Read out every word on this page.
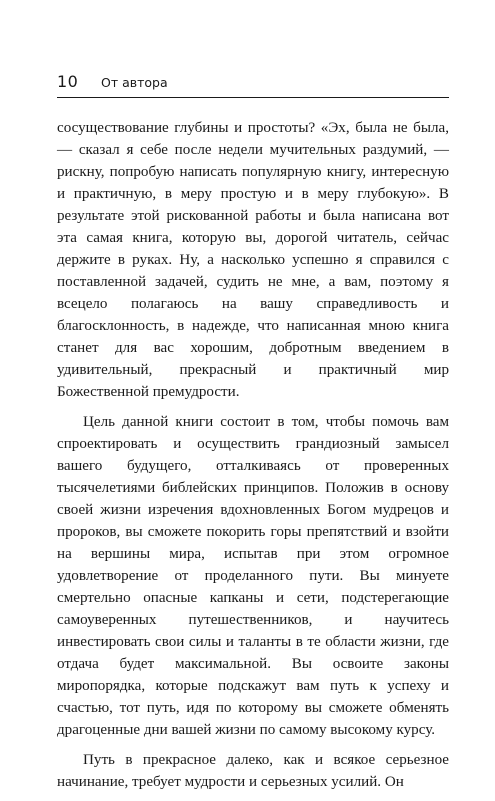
10	От автора

сосуществование глубины и простоты? «Эх, была не была, — сказал я себе после недели мучительных раздумий, — рискну, попробую написать популярную книгу, интересную и практичную, в меру простую и в меру глубокую». В результате этой рискованной работы и была написана вот эта самая книга, которую вы, дорогой читатель, сейчас держите в руках. Ну, а насколько успешно я справился с поставленной задачей, судить не мне, а вам, поэтому я всецело полагаюсь на вашу справедливость и благосклонность, в надежде, что написанная мною книга станет для вас хорошим, добротным введением в удивительный, прекрасный и практичный мир Божественной премудрости.

Цель данной книги состоит в том, чтобы помочь вам спроектировать и осуществить грандиозный замысел вашего будущего, отталкиваясь от проверенных тысячелетиями библейских принципов. Положив в основу своей жизни изречения вдохновленных Богом мудрецов и пророков, вы сможете покорить горы препятствий и взойти на вершины мира, испытав при этом огромное удовлетворение от проделанного пути. Вы минуете смертельно опасные капканы и сети, подстерегающие самоуверенных путешественников, и научитесь инвестировать свои силы и таланты в те области жизни, где отдача будет максимальной. Вы освоите законы миропорядка, которые подскажут вам путь к успеху и счастью, тот путь, идя по которому вы сможете обменять драгоценные дни вашей жизни по самому высокому курсу.

Путь в прекрасное далеко, как и всякое серьезное начинание, требует мудрости и серьезных усилий. Он
